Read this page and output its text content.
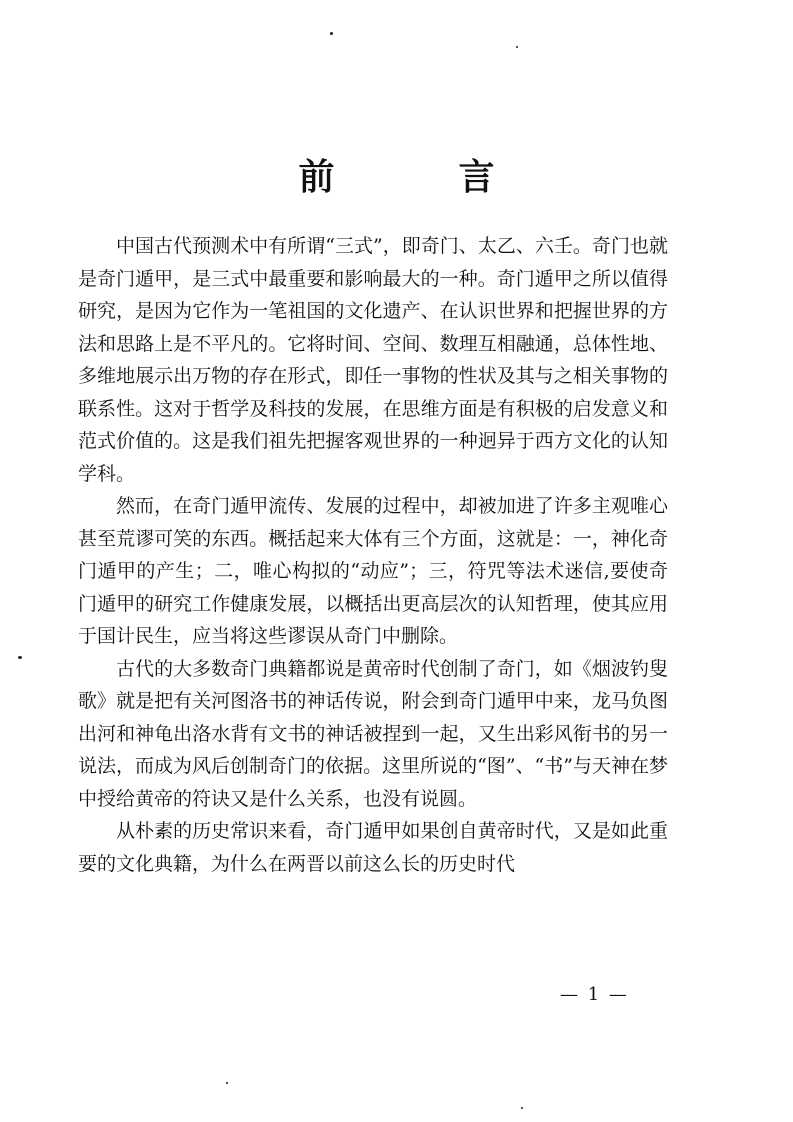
前　言

中国古代预测术中有所谓“三式”，即奇门、太乙、六壬。奇门也就是奇门遁甲，是三式中最重要和影响最大的一种。奇门遁甲之所以值得研究，是因为它作为一笔祖国的文化遗产、在认识世界和把握世界的方法和思路上是不平凡的。它将时间、空间、数理互相融通，总体性地、多维地展示出万物的存在形式，即任一事物的性状及其与之相关事物的联系性。这对于哲学及科技的发展，在思维方面是有积极的启发意义和范式价值的。这是我们祖先把握客观世界的一种迥异于西方文化的认知学科。

然而，在奇门遁甲流传、发展的过程中，却被加进了许多主观唯心甚至荒谬可笑的东西。概括起来大体有三个方面，这就是：一，神化奇门遁甲的产生；二，唯心构拟的“动应”；三，符咒等法术迷信,要使奇门遁甲的研究工作健康发展，以概括出更高层次的认知哲理，使其应用于国计民生，应当将这些谬误从奇门中删除。

古代的大多数奇门典籍都说是黄帝时代创制了奇门，如《烟波钓叟歌》就是把有关河图洛书的神话传说，附会到奇门遁甲中来，龙马负图出河和神龟出洛水背有文书的神话被捏到一起，又生出彩风衔书的另一说法，而成为风后创制奇门的依据。这里所说的“图”、“书”与天神在梦中授给黄帝的符诀又是什么关系，也没有说圆。

从朴素的历史常识来看，奇门遁甲如果创自黄帝时代，又是如此重要的文化典籍，为什么在两晋以前这么长的历史时代

— 1 —
